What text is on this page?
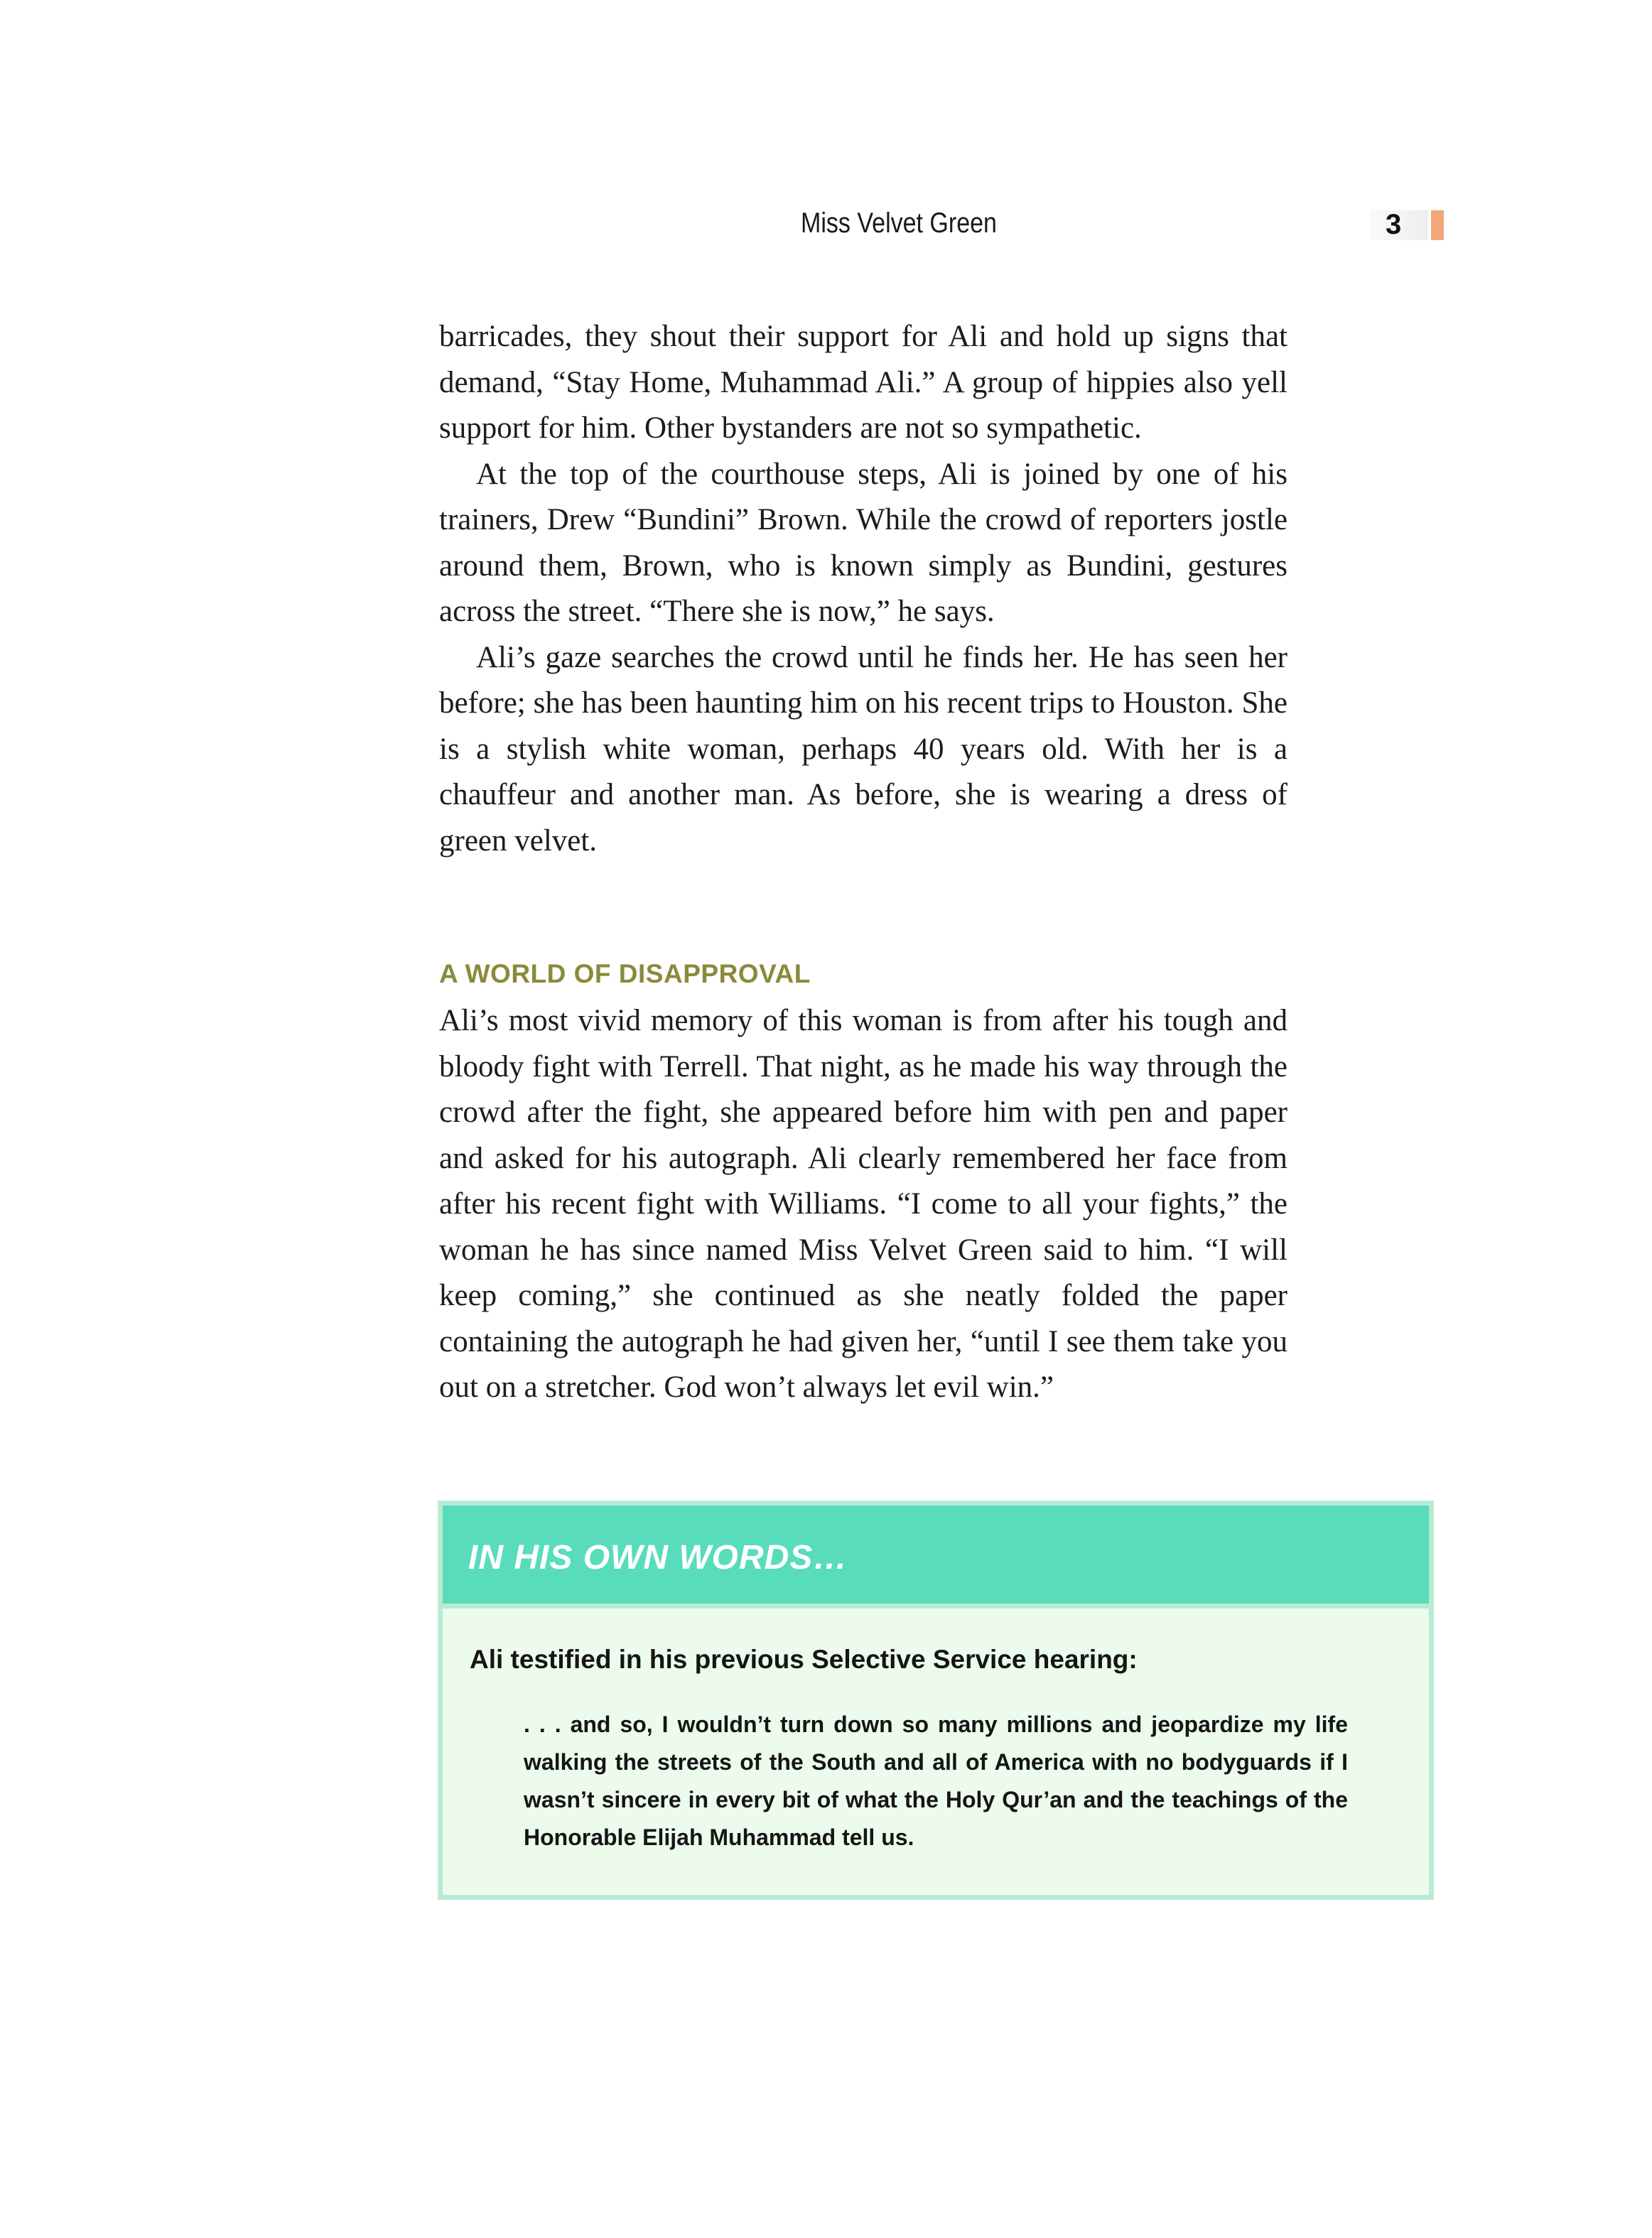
Miss Velvet Green	3

barricades, they shout their support for Ali and hold up signs that demand, “Stay Home, Muhammad Ali.” A group of hippies also yell support for him. Other bystanders are not so sympathetic.

At the top of the courthouse steps, Ali is joined by one of his trainers, Drew “Bundini” Brown. While the crowd of reporters jostle around them, Brown, who is known simply as Bundini, gestures across the street. “There she is now,” he says.

Ali’s gaze searches the crowd until he finds her. He has seen her before; she has been haunting him on his recent trips to Houston. She is a stylish white woman, perhaps 40 years old. With her is a chauffeur and another man. As before, she is wearing a dress of green velvet.

A WORLD OF DISAPPROVAL

Ali’s most vivid memory of this woman is from after his tough and bloody fight with Terrell. That night, as he made his way through the crowd after the fight, she appeared before him with pen and paper and asked for his autograph. Ali clearly remembered her face from after his recent fight with Williams. “I come to all your fights,” the woman he has since named Miss Velvet Green said to him. “I will keep coming,” she continued as she neatly folded the paper containing the autograph he had given her, “until I see them take you out on a stretcher. God won’t always let evil win.”

IN HIS OWN WORDS…
Ali testified in his previous Selective Service hearing:
. . . and so, I wouldn’t turn down so many millions and jeopardize my life walking the streets of the South and all of America with no bodyguards if I wasn’t sincere in every bit of what the Holy Qur’an and the teachings of the Honorable Elijah Muhammad tell us.
